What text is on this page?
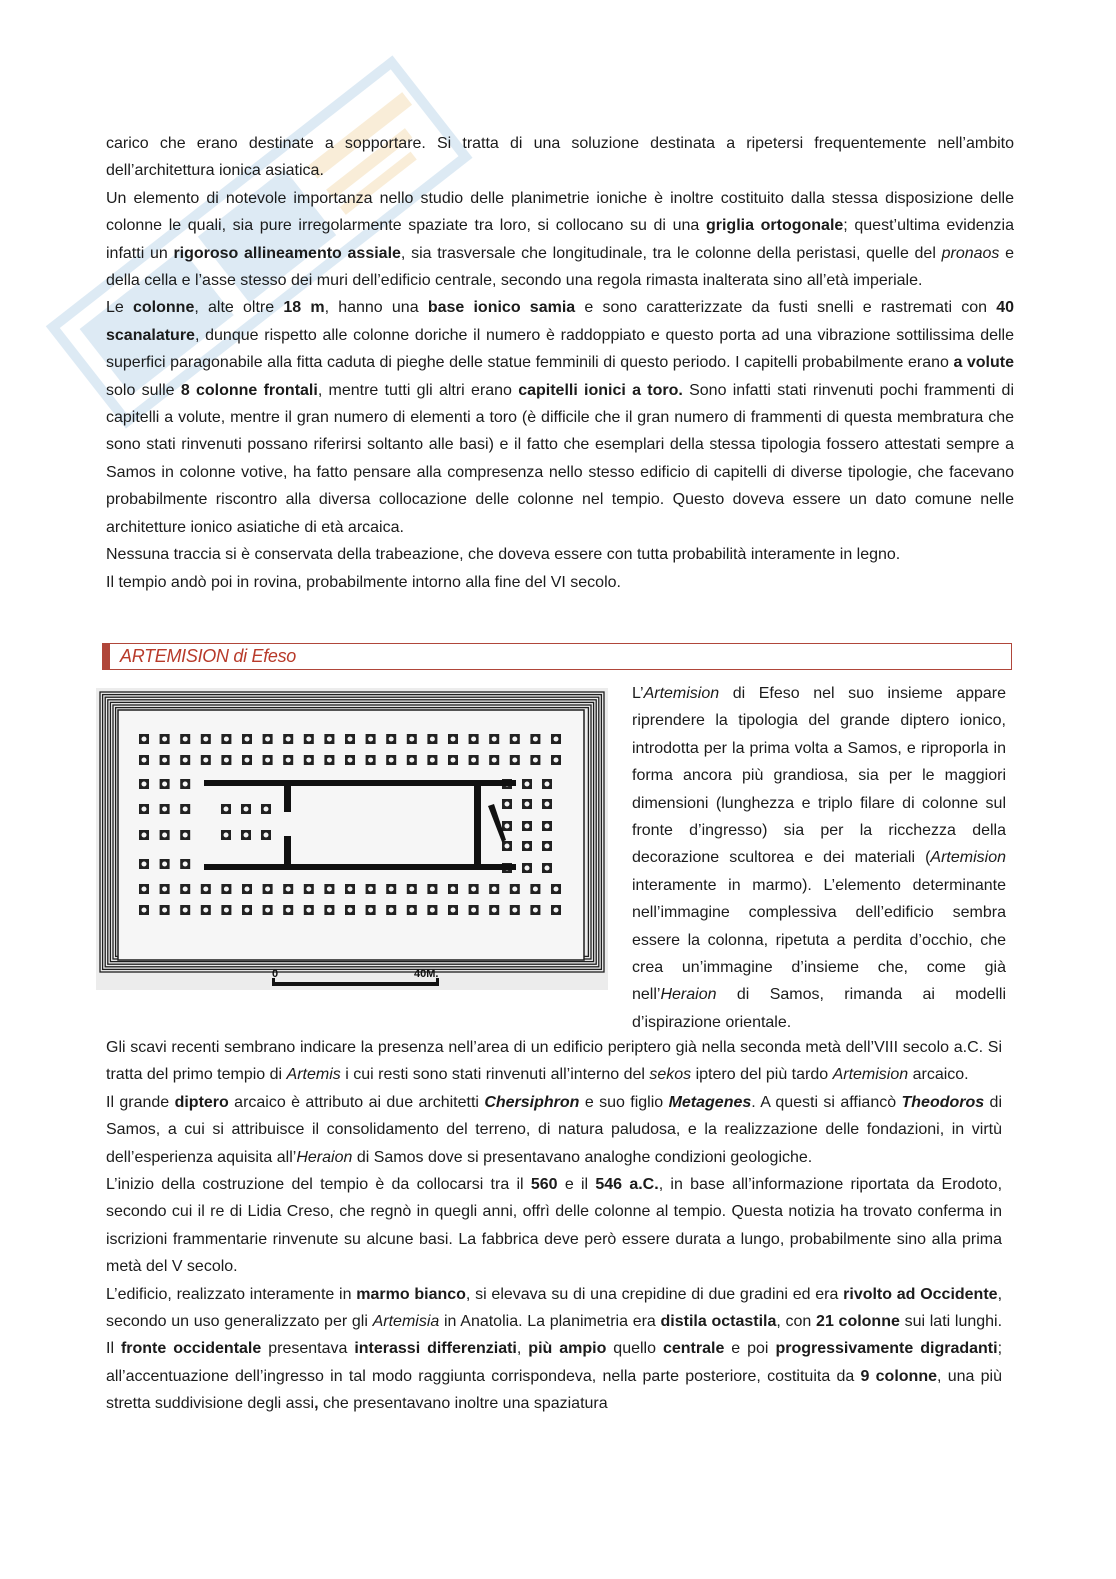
carico che erano destinate a sopportare. Si tratta di una soluzione destinata a ripetersi frequentemente nell’ambito dell’architettura ionica asiatica.

Un elemento di notevole importanza nello studio delle planimetrie ioniche è inoltre costituito dalla stessa disposizione delle colonne le quali, sia pure irregolarmente spaziate tra loro, si collocano su di una griglia ortogonale; quest’ultima evidenzia infatti un rigoroso allineamento assiale, sia trasversale che longitudinale, tra le colonne della peristasi, quelle del pronaos e della cella e l’asse stesso dei muri dell’edificio centrale, secondo una regola rimasta inalterata sino all’età imperiale.

Le colonne, alte oltre 18 m, hanno una base ionico samia e sono caratterizzate da fusti snelli e rastremati con 40 scanalature, dunque rispetto alle colonne doriche il numero è raddoppiato e questo porta ad una vibrazione sottilissima delle superfici paragonabile alla fitta caduta di pieghe delle statue femminili di questo periodo. I capitelli probabilmente erano a volute solo sulle 8 colonne frontali, mentre tutti gli altri erano capitelli ionici a toro. Sono infatti stati rinvenuti pochi frammenti di capitelli a volute, mentre il gran numero di elementi a toro (è difficile che il gran numero di frammenti di questa membratura che sono stati rinvenuti possano riferirsi soltanto alle basi) e il fatto che esemplari della stessa tipologia fossero attestati sempre a Samos in colonne votive, ha fatto pensare alla compresenza nello stesso edificio di capitelli di diverse tipologie, che facevano probabilmente riscontro alla diversa collocazione delle colonne nel tempio. Questo doveva essere un dato comune nelle architetture ionico asiatiche di età arcaica.

Nessuna traccia si è conservata della trabeazione, che doveva essere con tutta probabilità interamente in legno.

Il tempio andò poi in rovina, probabilmente intorno alla fine del VI secolo.

ARTEMISION di Efeso
0	40M.

L’Artemision di Efeso nel suo insieme appare riprendere la tipologia del grande diptero ionico, introdotta per la prima volta a Samos, e riproporla in forma ancora più grandiosa, sia per le maggiori dimensioni (lunghezza e triplo filare di colonne sul fronte d’ingresso) sia per la ricchezza della decorazione scultorea e dei materiali (Artemision interamente in marmo). L’elemento determinante nell’immagine complessiva dell’edificio sembra essere la colonna, ripetuta a perdita d’occhio, che crea un’immagine d’insieme che, come già nell’Heraion di Samos, rimanda ai modelli d’ispirazione orientale.

Gli scavi recenti sembrano indicare la presenza nell’area di un edificio periptero già nella seconda metà dell’VIII secolo a.C. Si tratta del primo tempio di Artemis i cui resti sono stati rinvenuti all’interno del sekos iptero del più tardo Artemision arcaico.

Il grande diptero arcaico è attributo ai due architetti Chersiphron e suo figlio Metagenes. A questi si affiancò Theodoros di Samos, a cui si attribuisce il consolidamento del terreno, di natura paludosa, e la realizzazione delle fondazioni, in virtù dell’esperienza aquisita all’Heraion di Samos dove si presentavano analoghe condizioni geologiche.

L’inizio della costruzione del tempio è da collocarsi tra il 560 e il 546 a.C., in base all’informazione riportata da Erodoto, secondo cui il re di Lidia Creso, che regnò in quegli anni, offrì delle colonne al tempio. Questa notizia ha trovato conferma in iscrizioni frammentarie rinvenute su alcune basi. La fabbrica deve però essere durata a lungo, probabilmente sino alla prima metà del V secolo.

L’edificio, realizzato interamente in marmo bianco, si elevava su di una crepidine di due gradini ed era rivolto ad Occidente, secondo un uso generalizzato per gli Artemisia in Anatolia. La planimetria era distila octastila, con 21 colonne sui lati lunghi. Il fronte occidentale presentava interassi differenziati, più ampio quello centrale e poi progressivamente digradanti; all’accentuazione dell’ingresso in tal modo raggiunta corrispondeva, nella parte posteriore, costituita da 9 colonne, una più stretta suddivisione degli assi, che presentavano inoltre una spaziatura
